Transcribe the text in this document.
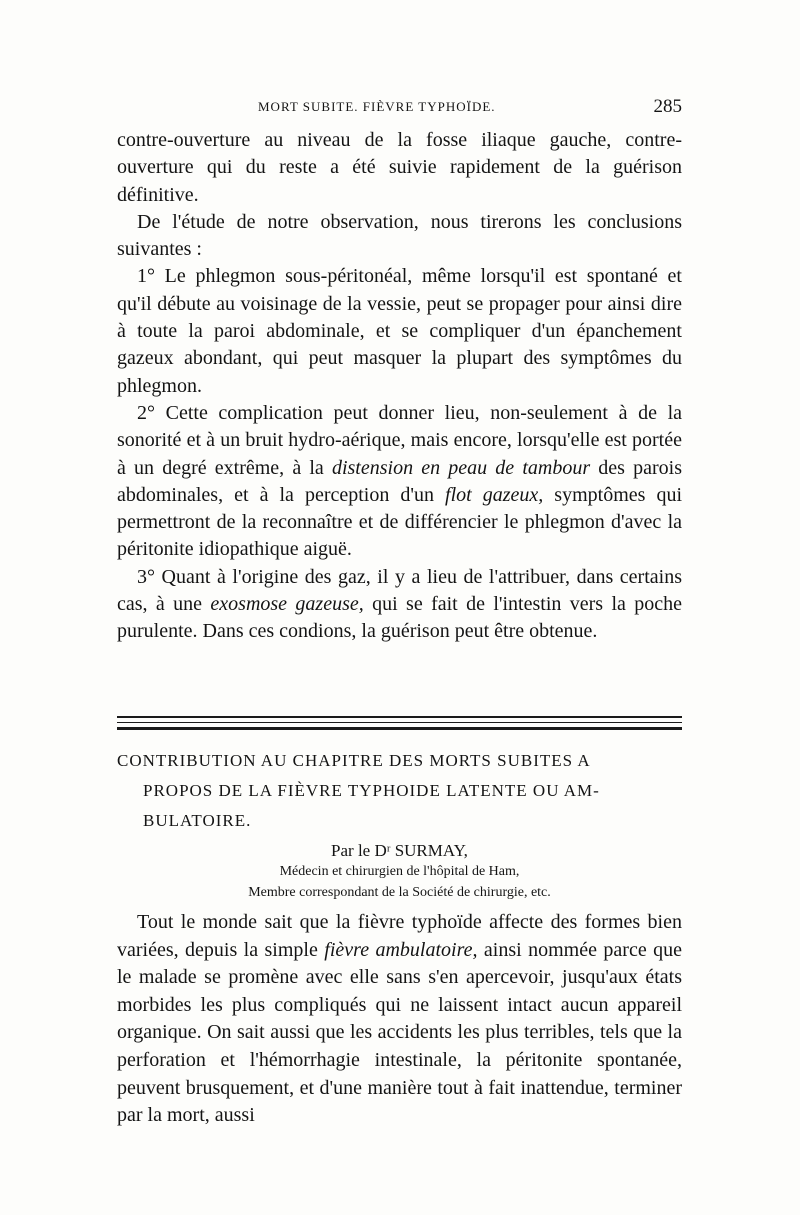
MORT SUBITE. FIÈVRE TYPHOÏDE.	285

contre-ouverture au niveau de la fosse iliaque gauche, contre-ouverture qui du reste a été suivie rapidement de la guérison définitive.

De l'étude de notre observation, nous tirerons les conclusions suivantes :

1° Le phlegmon sous-péritonéal, même lorsqu'il est spontané et qu'il débute au voisinage de la vessie, peut se propager pour ainsi dire à toute la paroi abdominale, et se compliquer d'un épanchement gazeux abondant, qui peut masquer la plupart des symptômes du phlegmon.

2° Cette complication peut donner lieu, non-seulement à de la sonorité et à un bruit hydro-aérique, mais encore, lorsqu'elle est portée à un degré extrême, à la distension en peau de tambour des parois abdominales, et à la perception d'un flot gazeux, symptômes qui permettront de la reconnaître et de différencier le phlegmon d'avec la péritonite idiopathique aiguë.

3° Quant à l'origine des gaz, il y a lieu de l'attribuer, dans certains cas, à une exosmose gazeuse, qui se fait de l'intestin vers la poche purulente. Dans ces condions, la guérison peut être obtenue.

CONTRIBUTION AU CHAPITRE DES MORTS SUBITES A
PROPOS DE LA FIÈVRE TYPHOIDE LATENTE OU AM-
BULATOIRE.
Par le Dʳ SURMAY,
Médecin et chirurgien de l'hôpital de Ham,
Membre correspondant de la Société de chirurgie, etc.

Tout le monde sait que la fièvre typhoïde affecte des formes bien variées, depuis la simple fièvre ambulatoire, ainsi nommée parce que le malade se promène avec elle sans s'en apercevoir, jusqu'aux états morbides les plus compliqués qui ne laissent intact aucun appareil organique. On sait aussi que les accidents les plus terribles, tels que la perforation et l'hémorrhagie intestinale, la péritonite spontanée, peuvent brusquement, et d'une manière tout à fait inattendue, terminer par la mort, aussi
